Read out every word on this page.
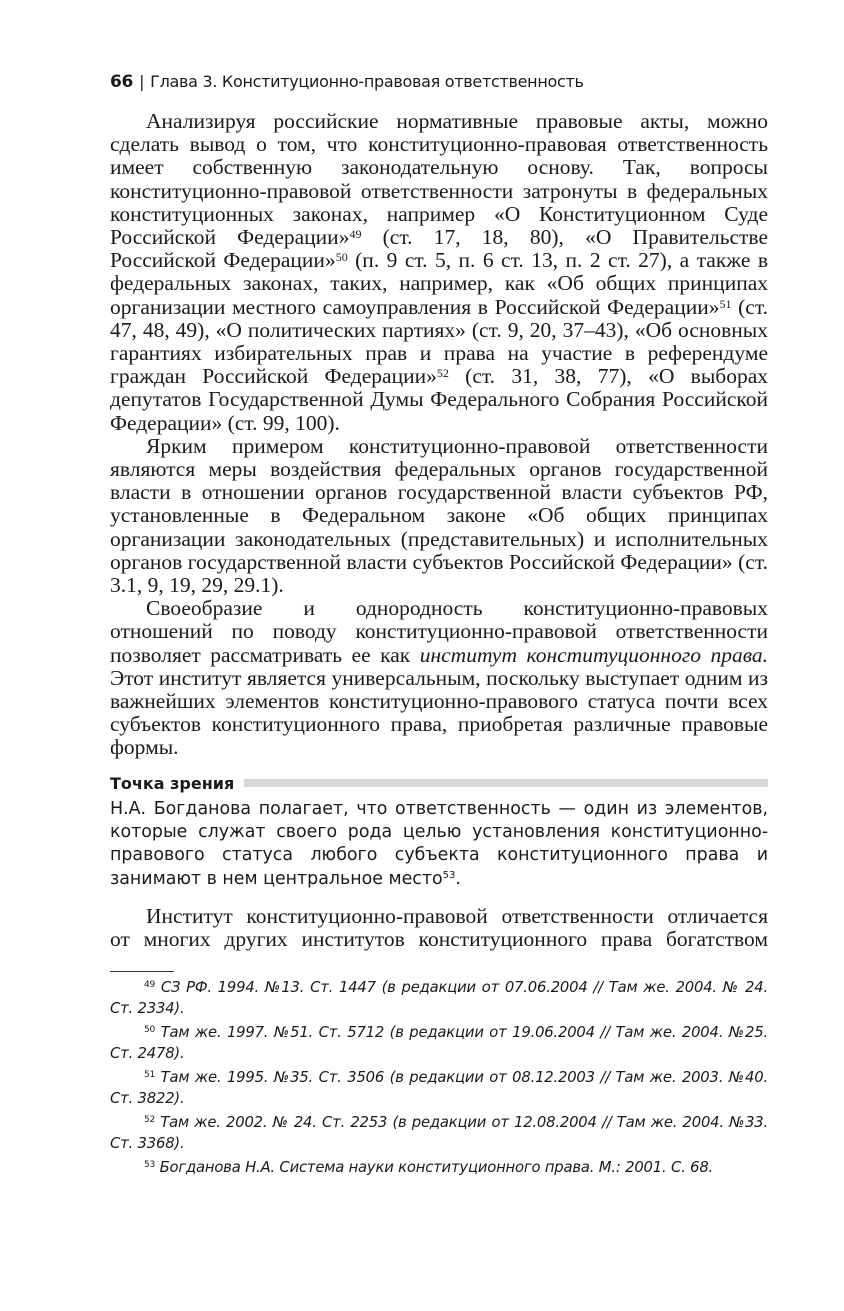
66 | Глава 3. Конституционно-правовая ответственность

Анализируя российские нормативные правовые акты, можно сделать вывод о том, что конституционно-правовая ответственность имеет собственную законодательную основу. Так, вопросы конституционно-правовой ответственности затронуты в федеральных конституционных законах, например «О Конституционном Суде Российской Федерации»$^{49}$ (ст. 17, 18, 80), «О Правительстве Российской Федерации»$^{50}$ (п. 9 ст. 5, п. 6 ст. 13, п. 2 ст. 27), а также в федеральных законах, таких, например, как «Об общих принципах организации местного самоуправления в Российской Федерации»$^{51}$ (ст. 47, 48, 49), «О политических партиях» (ст. 9, 20, 37–43), «Об основных гарантиях избирательных прав и права на участие в референдуме граждан Российской Федерации»$^{52}$ (ст. 31, 38, 77), «О выборах депутатов Государственной Думы Федерального Собрания Российской Федерации» (ст. 99, 100).

Ярким примером конституционно-правовой ответственности являются меры воздействия федеральных органов государственной власти в отношении органов государственной власти субъектов РФ, установленные в Федеральном законе «Об общих принципах организации законодательных (представительных) и исполнительных органов государственной власти субъектов Российской Федерации» (ст. 3.1, 9, 19, 29, 29.1).

Своеобразие и однородность конституционно-правовых отношений по поводу конституционно-правовой ответственности позволяет рассматривать ее как институт конституционного права. Этот институт является универсальным, поскольку выступает одним из важнейших элементов конституционно-правового статуса почти всех субъектов конституционного права, приобретая различные правовые формы.

Точка зрения
Н.А. Богданова полагает, что ответственность — один из элементов, которые служат своего рода целью установления конституционно-правового статуса любого субъекта конституционного права и занимают в нем центральное место$^{53}$.

Институт конституционно-правовой ответственности отличается от многих других институтов конституционного права богатством

$^{49}$ СЗ РФ. 1994. №13. Ст. 1447 (в редакции от 07.06.2004 // Там же. 2004. № 24. Ст. 2334).

$^{50}$ Там же. 1997. №51. Ст. 5712 (в редакции от 19.06.2004 // Там же. 2004. №25. Ст. 2478).

$^{51}$ Там же. 1995. №35. Ст. 3506 (в редакции от 08.12.2003 // Там же. 2003. №40. Ст. 3822).

$^{52}$ Там же. 2002. № 24. Ст. 2253 (в редакции от 12.08.2004 // Там же. 2004. №33. Ст. 3368).

$^{53}$ Богданова Н.А. Система науки конституционного права. М.: 2001. С. 68.
